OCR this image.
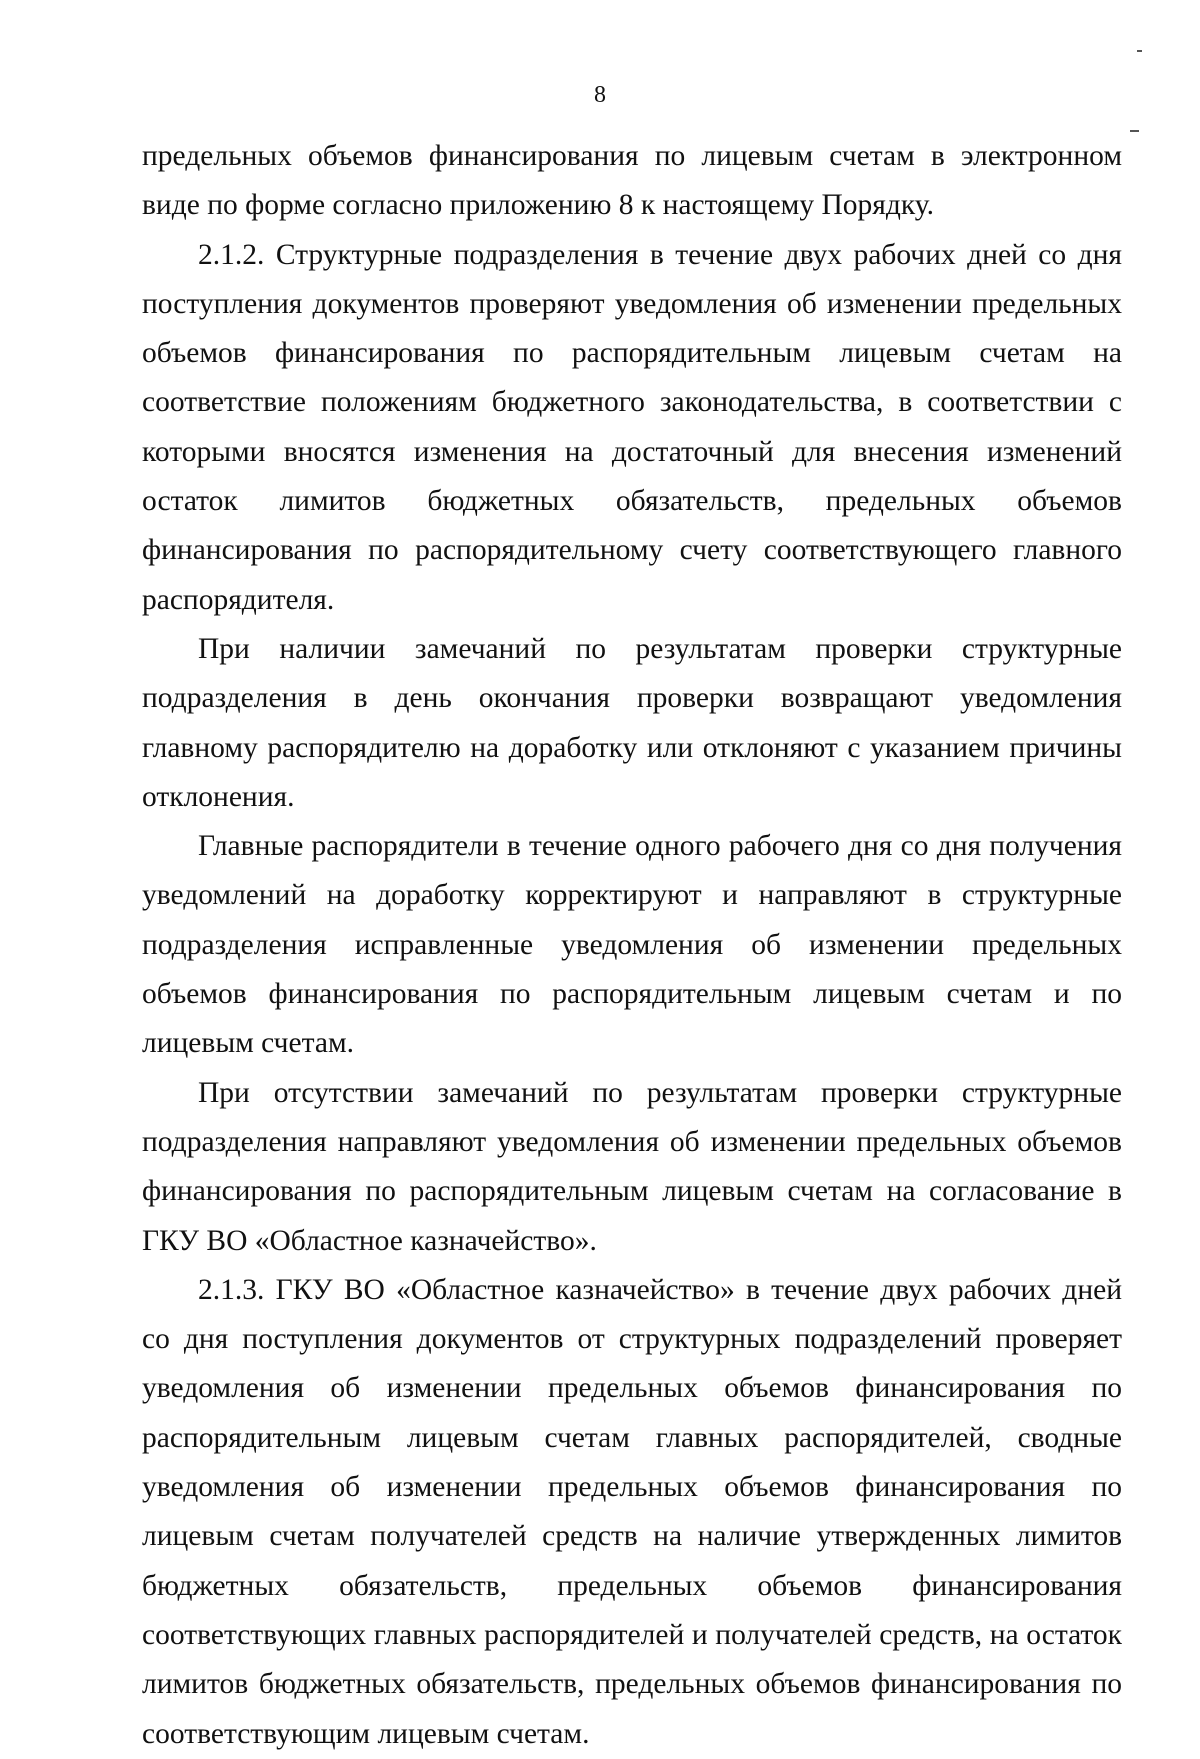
8

предельных объемов финансирования по лицевым счетам в электронном виде по форме согласно приложению 8 к настоящему Порядку.

2.1.2. Структурные подразделения в течение двух рабочих дней со дня поступления документов проверяют уведомления об изменении предельных объемов финансирования по распорядительным лицевым счетам на соответствие положениям бюджетного законодательства, в соответствии с которыми вносятся изменения на достаточный для внесения изменений остаток лимитов бюджетных обязательств, предельных объемов финансирования по распорядительному счету соответствующего главного распорядителя.

При наличии замечаний по результатам проверки структурные подразделения в день окончания проверки возвращают уведомления главному распорядителю на доработку или отклоняют с указанием причины отклонения.

Главные распорядители в течение одного рабочего дня со дня получения уведомлений на доработку корректируют и направляют в структурные подразделения исправленные уведомления об изменении предельных объемов финансирования по распорядительным лицевым счетам и по лицевым счетам.

При отсутствии замечаний по результатам проверки структурные подразделения направляют уведомления об изменении предельных объемов финансирования по распорядительным лицевым счетам на согласование в ГКУ ВО «Областное казначейство».

2.1.3. ГКУ ВО «Областное казначейство» в течение двух рабочих дней со дня поступления документов от структурных подразделений проверяет уведомления об изменении предельных объемов финансирования по распорядительным лицевым счетам главных распорядителей, сводные уведомления об изменении предельных объемов финансирования по лицевым счетам получателей средств на наличие утвержденных лимитов бюджетных обязательств, предельных объемов финансирования соответствующих главных распорядителей и получателей средств, на остаток лимитов бюджетных обязательств, предельных объемов финансирования по соответствующим лицевым счетам.
